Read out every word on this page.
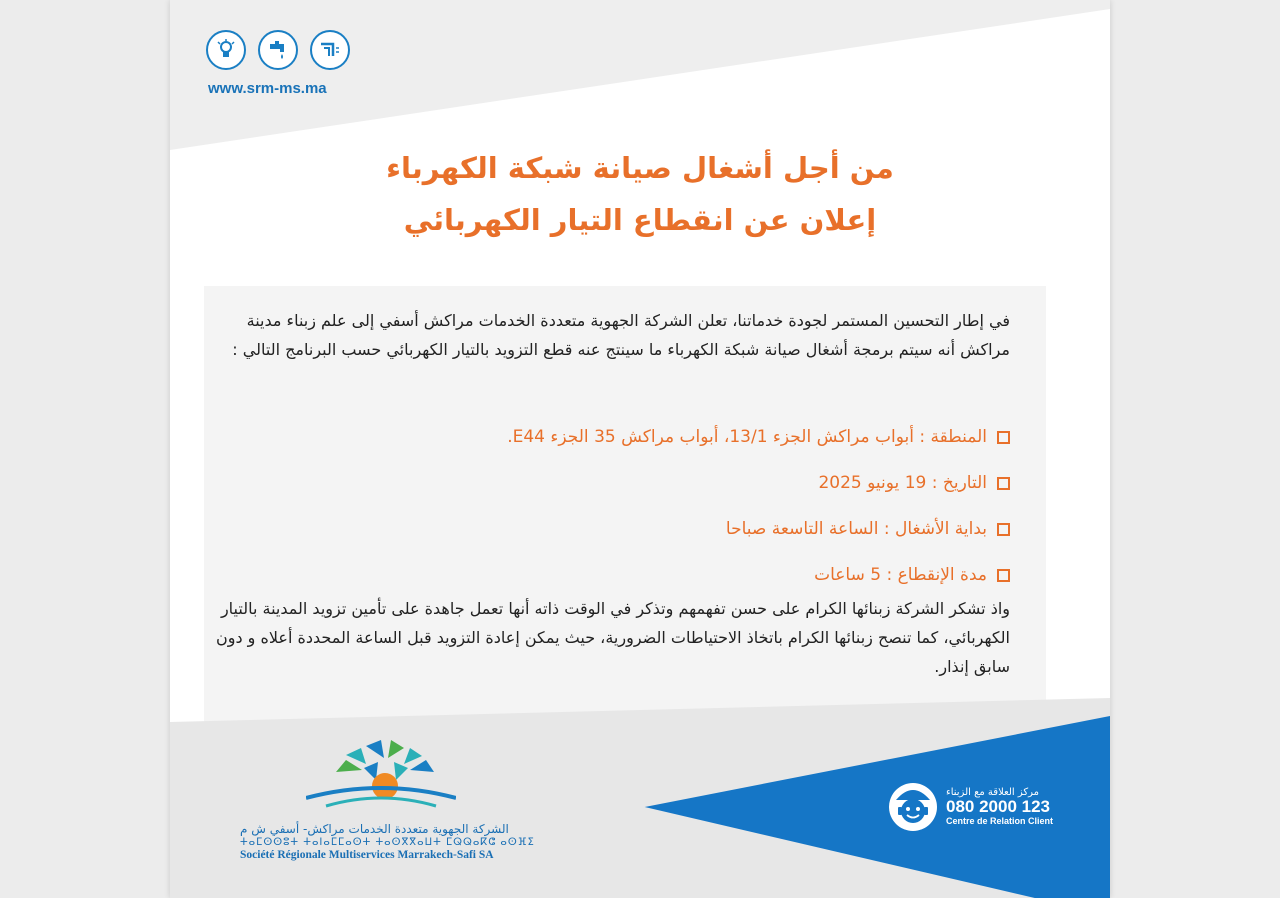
www.srm-ms.ma
من أجل أشغال صيانة شبكة الكهرباء
إعلان عن انقطاع التيار الكهربائي
في إطار التحسين المستمر لجودة خدماتنا، تعلن الشركة الجهوية متعددة الخدمات مراكش أسفي إلى علم زبناء مدينة مراكش أنه سيتم برمجة أشغال صيانة شبكة الكهرباء ما سينتج عنه قطع التزويد بالتيار الكهربائي حسب البرنامج التالي :
المنطقة : أبواب مراكش الجزء 13/1، أبواب مراكش 35 الجزء E44.
التاريخ : 19 يونيو 2025
بداية الأشغال : الساعة التاسعة صباحا
مدة الإنقطاع : 5 ساعات
واذ تشكر الشركة زبنائها الكرام على حسن تفهمهم وتذكر في الوقت ذاته أنها تعمل جاهدة على تأمين تزويد المدينة بالتيار الكهربائي، كما تنصح زبنائها الكرام باتخاذ الاحتياطات الضرورية، حيث يمكن إعادة التزويد قبل الساعة المحددة أعلاه و دون سابق إنذار.
الشركة الجهوية متعددة الخدمات مراكش- أسفي ش م
ⵜⴰⵎⵙⵙⵓⵜ ⵜⴰⵏⴰⵎⵎⴰⵙⵜ ⵜⴰⵙⴳⴳⴰⵡⵜ ⵎⵕⵕⴰⴽⵛ ⴰⵙⴼⵉ
Société Régionale Multiservices Marrakech-Safi SA
مركز العلاقة مع الزبناء
080 2000 123
Centre de Relation Client
